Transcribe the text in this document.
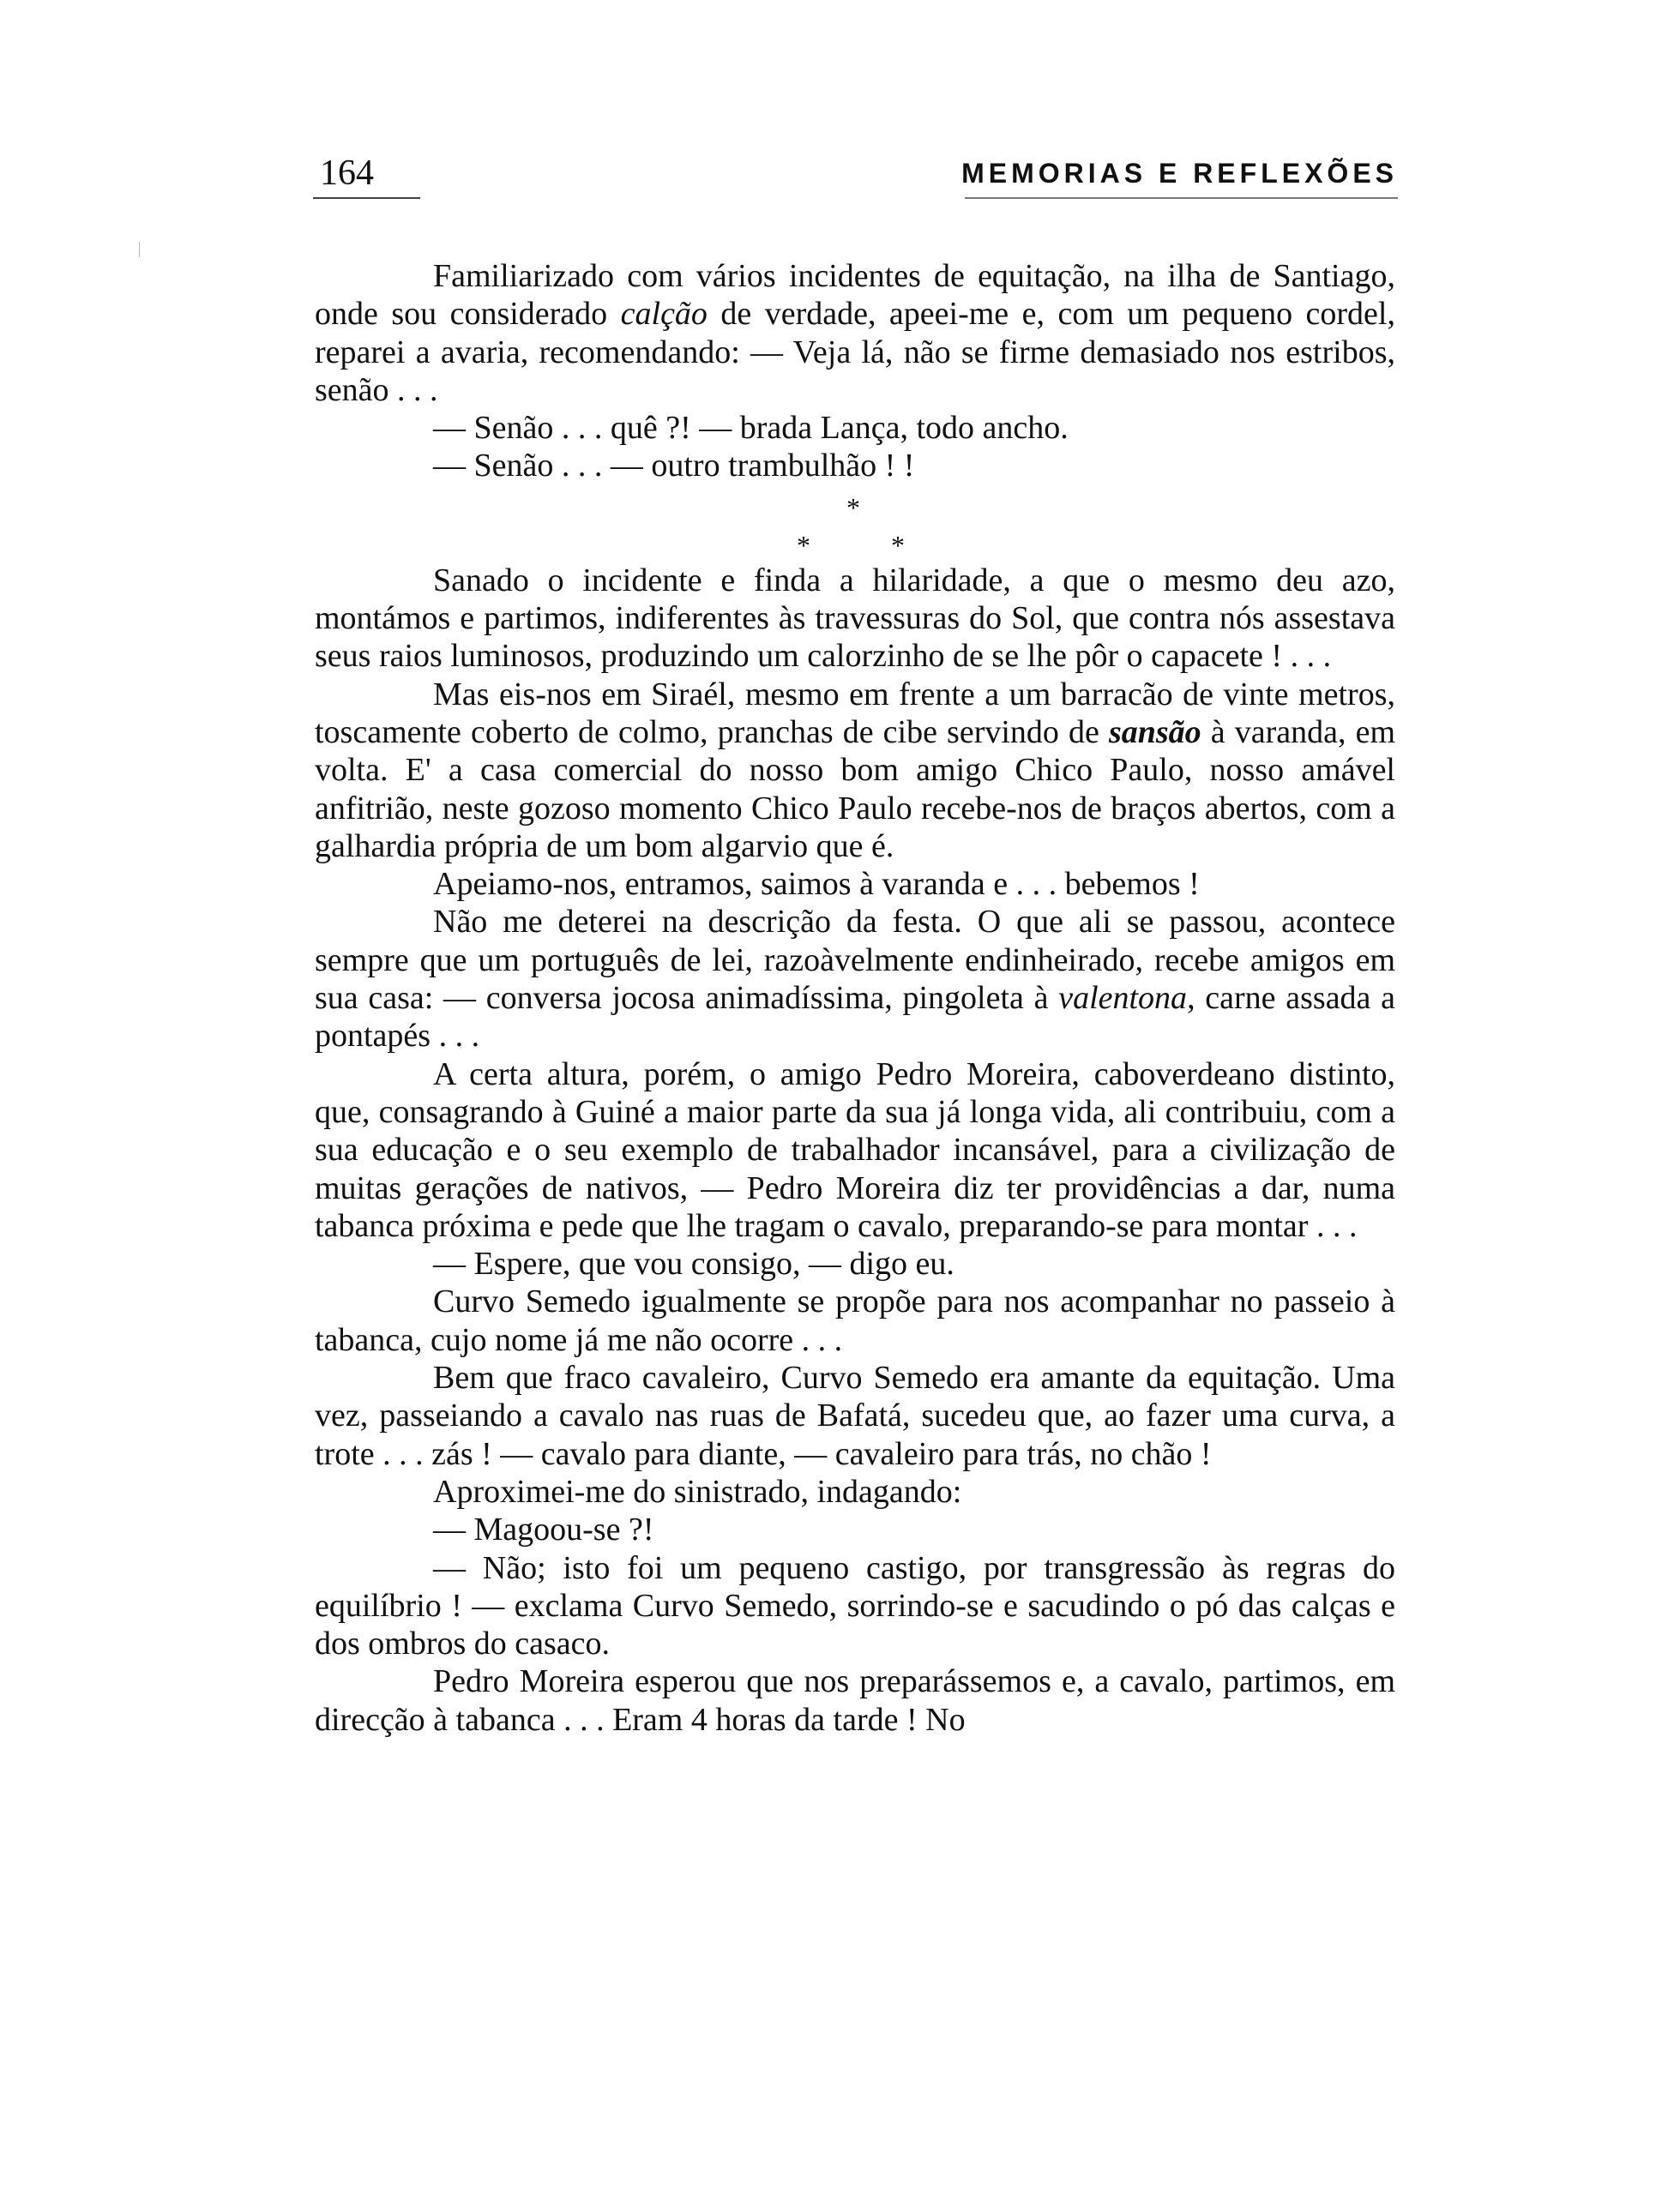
164	MEMORIAS E REFLEXÕES

Familiarizado com vários incidentes de equitação, na ilha de Santiago, onde sou considerado calção de verdade, apeei-me e, com um pequeno cordel, reparei a avaria, recomendando: — Veja lá, não se firme demasiado nos estribos, senão . . .

— Senão . . . quê ?! — brada Lança, todo ancho.

— Senão . . . — outro trambulhão ! !

*
*	*

Sanado o incidente e finda a hilaridade, a que o mesmo deu azo, montámos e partimos, indiferentes às travessuras do Sol, que contra nós assestava seus raios luminosos, produzindo um calorzinho de se lhe pôr o capacete ! . . .

Mas eis-nos em Siraél, mesmo em frente a um barracão de vinte metros, toscamente coberto de colmo, pranchas de cibe servindo de sansão à varanda, em volta. E' a casa comercial do nosso bom amigo Chico Paulo, nosso amável anfitrião, neste gozoso momento Chico Paulo recebe-nos de braços abertos, com a galhardia própria de um bom algarvio que é.

Apeiamo-nos, entramos, saimos à varanda e . . . bebemos !

Não me deterei na descrição da festa. O que ali se passou, acontece sempre que um português de lei, razoàvelmente endinheirado, recebe amigos em sua casa: — conversa jocosa animadíssima, pingoleta à valentona, carne assada a pontapés . . .

A certa altura, porém, o amigo Pedro Moreira, caboverdeano distinto, que, consagrando à Guiné a maior parte da sua já longa vida, ali contribuiu, com a sua educação e o seu exemplo de trabalhador incansável, para a civilização de muitas gerações de nativos, — Pedro Moreira diz ter providências a dar, numa tabanca próxima e pede que lhe tragam o cavalo, preparando-se para montar . . .

— Espere, que vou consigo, — digo eu.

Curvo Semedo igualmente se propõe para nos acompanhar no passeio à tabanca, cujo nome já me não ocorre . . .

Bem que fraco cavaleiro, Curvo Semedo era amante da equitação. Uma vez, passeiando a cavalo nas ruas de Bafatá, sucedeu que, ao fazer uma curva, a trote . . . zás ! — cavalo para diante, — cavaleiro para trás, no chão !

Aproximei-me do sinistrado, indagando:

— Magoou-se ?!

— Não; isto foi um pequeno castigo, por transgressão às regras do equilíbrio ! — exclama Curvo Semedo, sorrindo-se e sacudindo o pó das calças e dos ombros do casaco.

Pedro Moreira esperou que nos preparássemos e, a cavalo, partimos, em direcção à tabanca . . . Eram 4 horas da tarde ! No
